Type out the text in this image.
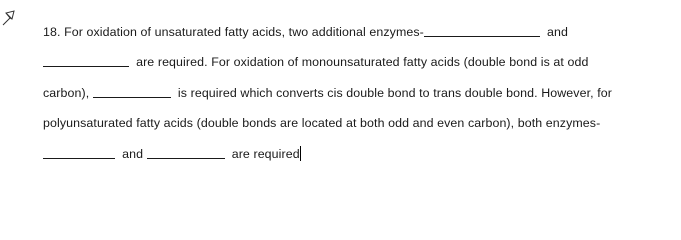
18. For oxidation of unsaturated fatty acids, two additional enzymes-	and
are required. For oxidation of monounsaturated fatty acids (double bond is at odd
carbon),	is required which converts cis double bond to trans double bond. However, for
polyunsaturated fatty acids (double bonds are located at both odd and even carbon), both enzymes-
and	are required
